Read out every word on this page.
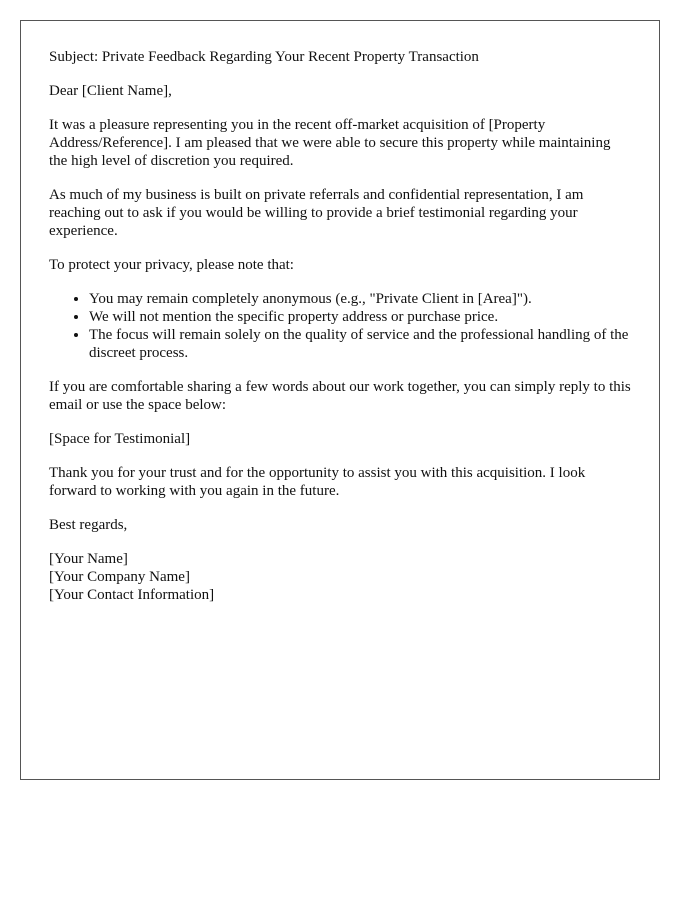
Subject: Private Feedback Regarding Your Recent Property Transaction

Dear [Client Name],

It was a pleasure representing you in the recent off-market acquisition of [Property Address/Reference]. I am pleased that we were able to secure this property while maintaining the high level of discretion you required.

As much of my business is built on private referrals and confidential representation, I am reaching out to ask if you would be willing to provide a brief testimonial regarding your experience.

To protect your privacy, please note that:

• You may remain completely anonymous (e.g., "Private Client in [Area]").
• We will not mention the specific property address or purchase price.
• The focus will remain solely on the quality of service and the professional handling of the discreet process.

If you are comfortable sharing a few words about our work together, you can simply reply to this email or use the space below:

[Space for Testimonial]

Thank you for your trust and for the opportunity to assist you with this acquisition. I look forward to working with you again in the future.

Best regards,

[Your Name]

[Your Company Name]

[Your Contact Information]
